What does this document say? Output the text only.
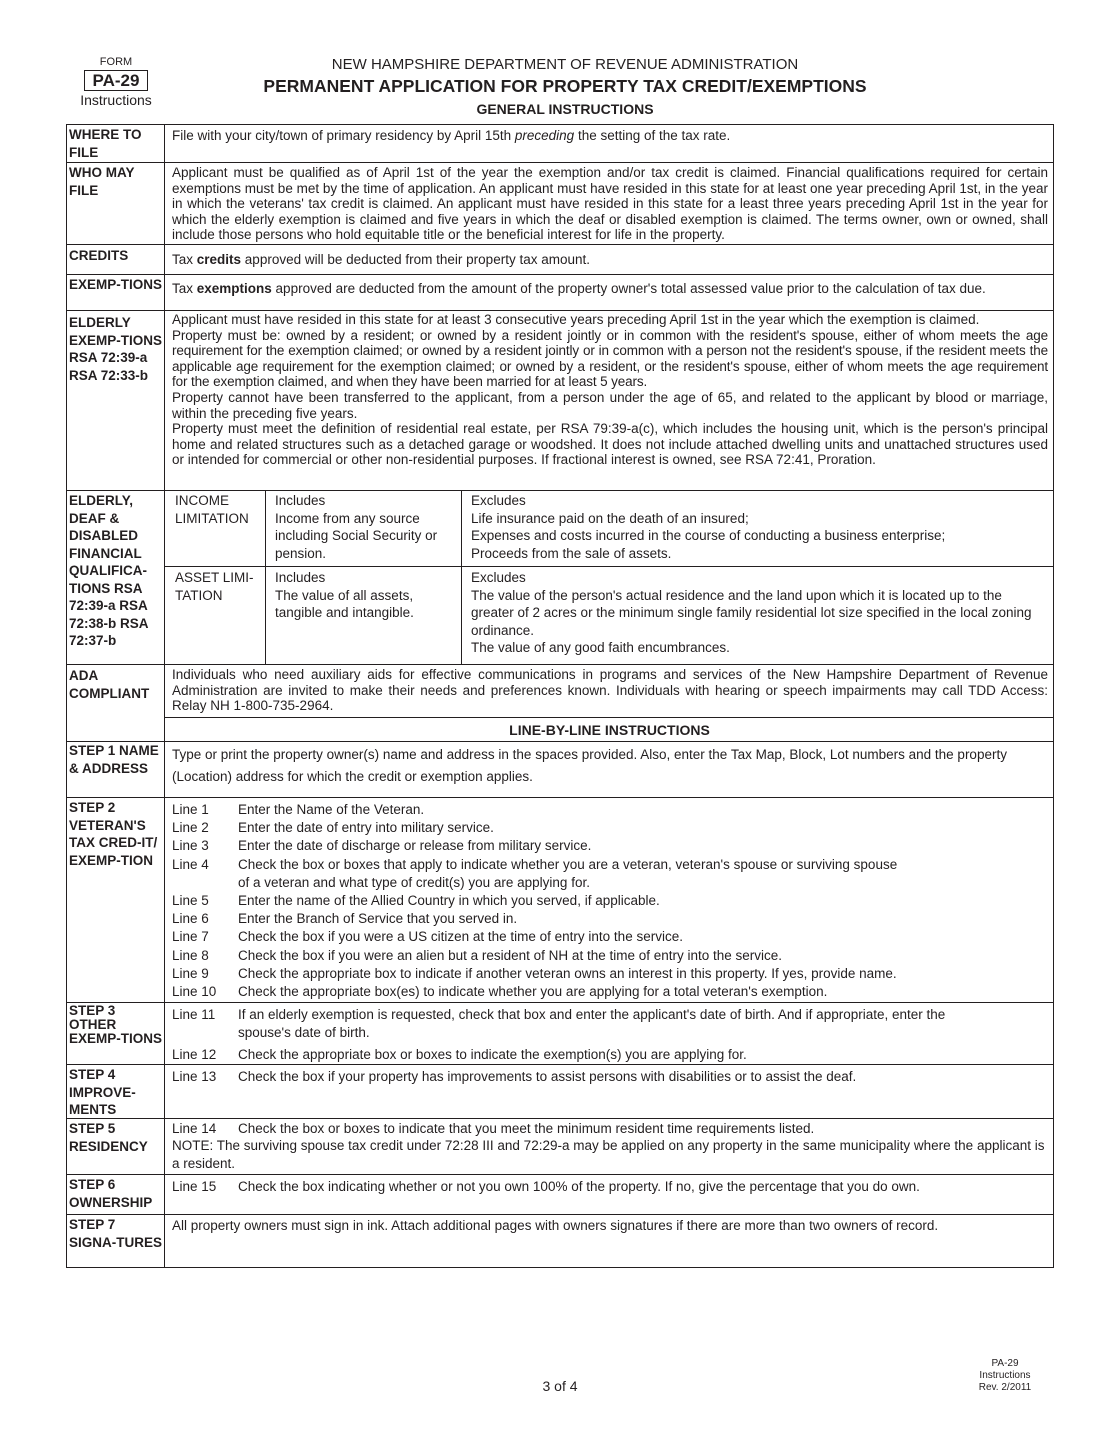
FORM
PA-29
Instructions
NEW HAMPSHIRE DEPARTMENT OF REVENUE ADMINISTRATION
PERMANENT APPLICATION FOR PROPERTY TAX CREDIT/EXEMPTIONS
GENERAL INSTRUCTIONS
WHERE TO FILE
File with your city/town of primary residency by April 15th preceding the setting of the tax rate.
WHO MAY FILE
Applicant must be qualified as of April 1st of the year the exemption and/or tax credit is claimed. Financial qualifications required for certain exemptions must be met by the time of application. An applicant must have resided in this state for at least one year preceding April 1st, in the year in which the veterans' tax credit is claimed. An applicant must have resided in this state for a least three years preceding April 1st in the year for which the elderly exemption is claimed and five years in which the deaf or disabled exemption is claimed. The terms owner, own or owned, shall include those persons who hold equitable title or the beneficial interest for life in the property.
CREDITS	Tax credits approved will be deducted from their property tax amount.
EXEMP-TIONS Tax exemptions approved are deducted from the amount of the property owner's total assessed value prior to the calculation of tax due.
ELDERLY EXEMP-TIONS RSA 72:39-a RSA 72:33-b
Applicant must have resided in this state for at least 3 consecutive years preceding April 1st in the year which the exemption is claimed.
Property must be: owned by a resident; or owned by a resident jointly or in common with the resident's spouse, either of whom meets the age requirement for the exemption claimed; or owned by a resident jointly or in common with a person not the resident's spouse, if the resident meets the applicable age requirement for the exemption claimed; or owned by a resident, or the resident's spouse, either of whom meets the age requirement for the exemption claimed, and when they have been married for at least 5 years.
Property cannot have been transferred to the applicant, from a person under the age of 65, and related to the applicant by blood or marriage, within the preceding five years.
Property must meet the definition of residential real estate, per RSA 79:39-a(c), which includes the housing unit, which is the person's principal home and related structures such as a detached garage or woodshed. It does not include attached dwelling units and unattached structures used or intended for commercial or other non-residential purposes. If fractional interest is owned, see RSA 72:41, Proration.
ELDERLY, DEAF & DISABLED FINANCIAL QUALIFICA-TIONS RSA 72:39-a RSA 72:38-b RSA 72:37-b
INCOME LIMITATION
Includes
Income from any source including Social Security or pension.
Excludes
Life insurance paid on the death of an insured;
Expenses and costs incurred in the course of conducting a business enterprise;
Proceeds from the sale of assets.
ASSET LIMI-TATION
Includes
The value of all assets, tangible and intangible.
Excludes
The value of the person's actual residence and the land upon which it is located up to the greater of 2 acres or the minimum single family residential lot size specified in the local zoning ordinance.
The value of any good faith encumbrances.
ADA COMPLIANT
Individuals who need auxiliary aids for effective communications in programs and services of the New Hampshire Department of Revenue Administration are invited to make their needs and preferences known. Individuals with hearing or speech impairments may call TDD Access: Relay NH 1-800-735-2964.
LINE-BY-LINE INSTRUCTIONS
STEP 1 NAME & ADDRESS
Type or print the property owner(s) name and address in the spaces provided. Also, enter the Tax Map, Block, Lot numbers and the property (Location) address for which the credit or exemption applies.
STEP 2 VETERAN'S TAX CRED-IT/ EXEMP-TION
Line 1 Enter the Name of the Veteran.
Line 2 Enter the date of entry into military service.
Line 3 Enter the date of discharge or release from military service.
Line 4 Check the box or boxes that apply to indicate whether you are a veteran, veteran's spouse or surviving spouse
of a veteran and what type of credit(s) you are applying for.
Line 5 Enter the name of the Allied Country in which you served, if applicable.
Line 6 Enter the Branch of Service that you served in.
Line 7 Check the box if you were a US citizen at the time of entry into the service.
Line 8 Check the box if you were an alien but a resident of NH at the time of entry into the service.
Line 9 Check the appropriate box to indicate if another veteran owns an interest in this property. If yes, provide name.
Line 10 Check the appropriate box(es) to indicate whether you are applying for a total veteran's exemption.
STEP 3 OTHER EXEMP-TIONS
Line 11 If an elderly exemption is requested, check that box and enter the applicant's date of birth. And if appropriate, enter the
spouse's date of birth.
Line 12 Check the appropriate box or boxes to indicate the exemption(s) you are applying for.
STEP 4 IMPROVE-MENTS
Line 13 Check the box if your property has improvements to assist persons with disabilities or to assist the deaf.
STEP 5 RESIDENCY
Line 14 Check the box or boxes to indicate that you meet the minimum resident time requirements listed.
NOTE: The surviving spouse tax credit under 72:28 III and 72:29-a may be applied on any property in the same municipality where the applicant is a resident.
STEP 6 OWNERSHIP
Line 15 Check the box indicating whether or not you own 100% of the property. If no, give the percentage that you do own.
STEP 7 SIGNA-TURES
All property owners must sign in ink. Attach additional pages with owners signatures if there are more than two owners of record.
3 of 4
PA-29
Instructions
Rev. 2/2011
